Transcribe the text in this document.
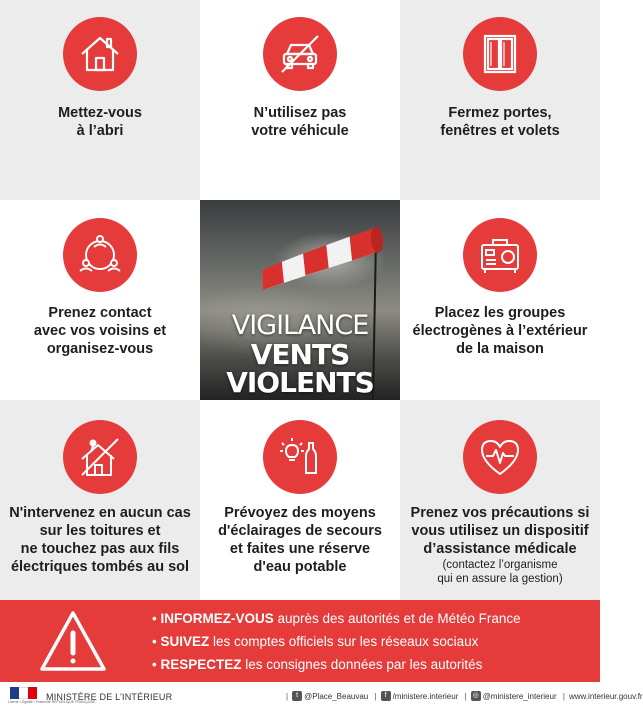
Mettez-vous
à l’abri
N’utilisez pas
votre véhicule
Fermez portes,
fenêtres et volets
Prenez contact
avec vos voisins et
organisez-vous
VIGILANCE
VENTS
VIOLENTS
Placez les groupes
électrogènes à l’extérieur
de la maison
N'intervenez en aucun cas
sur les toitures et
ne touchez pas aux fils
électriques tombés au sol
Prévoyez des moyens
d'éclairages de secours
et faites une réserve
d'eau potable
Prenez vos précautions si
vous utilisez un dispositif
d’assistance médicale
(contactez l’organisme
qui en assure la gestion)
• INFORMEZ-VOUS auprès des autorités et de Météo France
• SUIVEZ les comptes officiels sur les réseaux sociaux
• RESPECTEZ les consignes données par les autorités
Liberté • Égalité • Fraternité RÉPUBLIQUE FRANÇAISE
MINISTÈRE DE L’INTÉRIEUR	| t @Place_Beauvau | f /ministere.interieur | ◎ @ministere_interieur | www.interieur.gouv.fr
